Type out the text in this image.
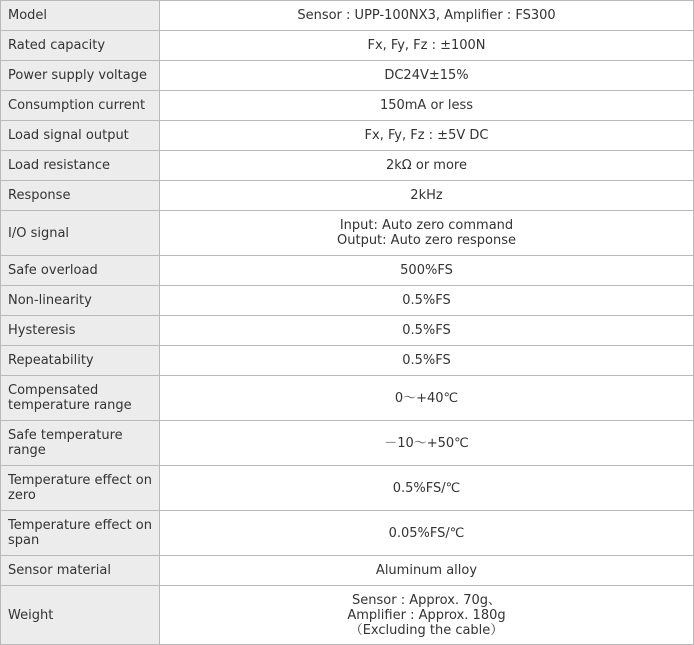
Model	Sensor : UPP-100NX3, Amplifier : FS300

Rated capacity	Fx, Fy, Fz : ±100N

Power supply voltage	DC24V±15%

Consumption current	150mA or less

Load signal output	Fx, Fy, Fz : ±5V DC

Load resistance	2kΩ or more

Response	2kHz

I/O signal	Input: Auto zero command
Output: Auto zero response

Safe overload	500%FS

Non-linearity	0.5%FS

Hysteresis	0.5%FS

Repeatability	0.5%FS

Compensated
temperature range	0～+40℃

Safe temperature
range	－10～+50℃

Temperature effect on
zero	0.5%FS/℃

Temperature effect on
span	0.05%FS/℃

Sensor material	Aluminum alloy

Weight	Sensor : Approx. 70g、
Amplifier : Approx. 180g
（Excluding the cable）
